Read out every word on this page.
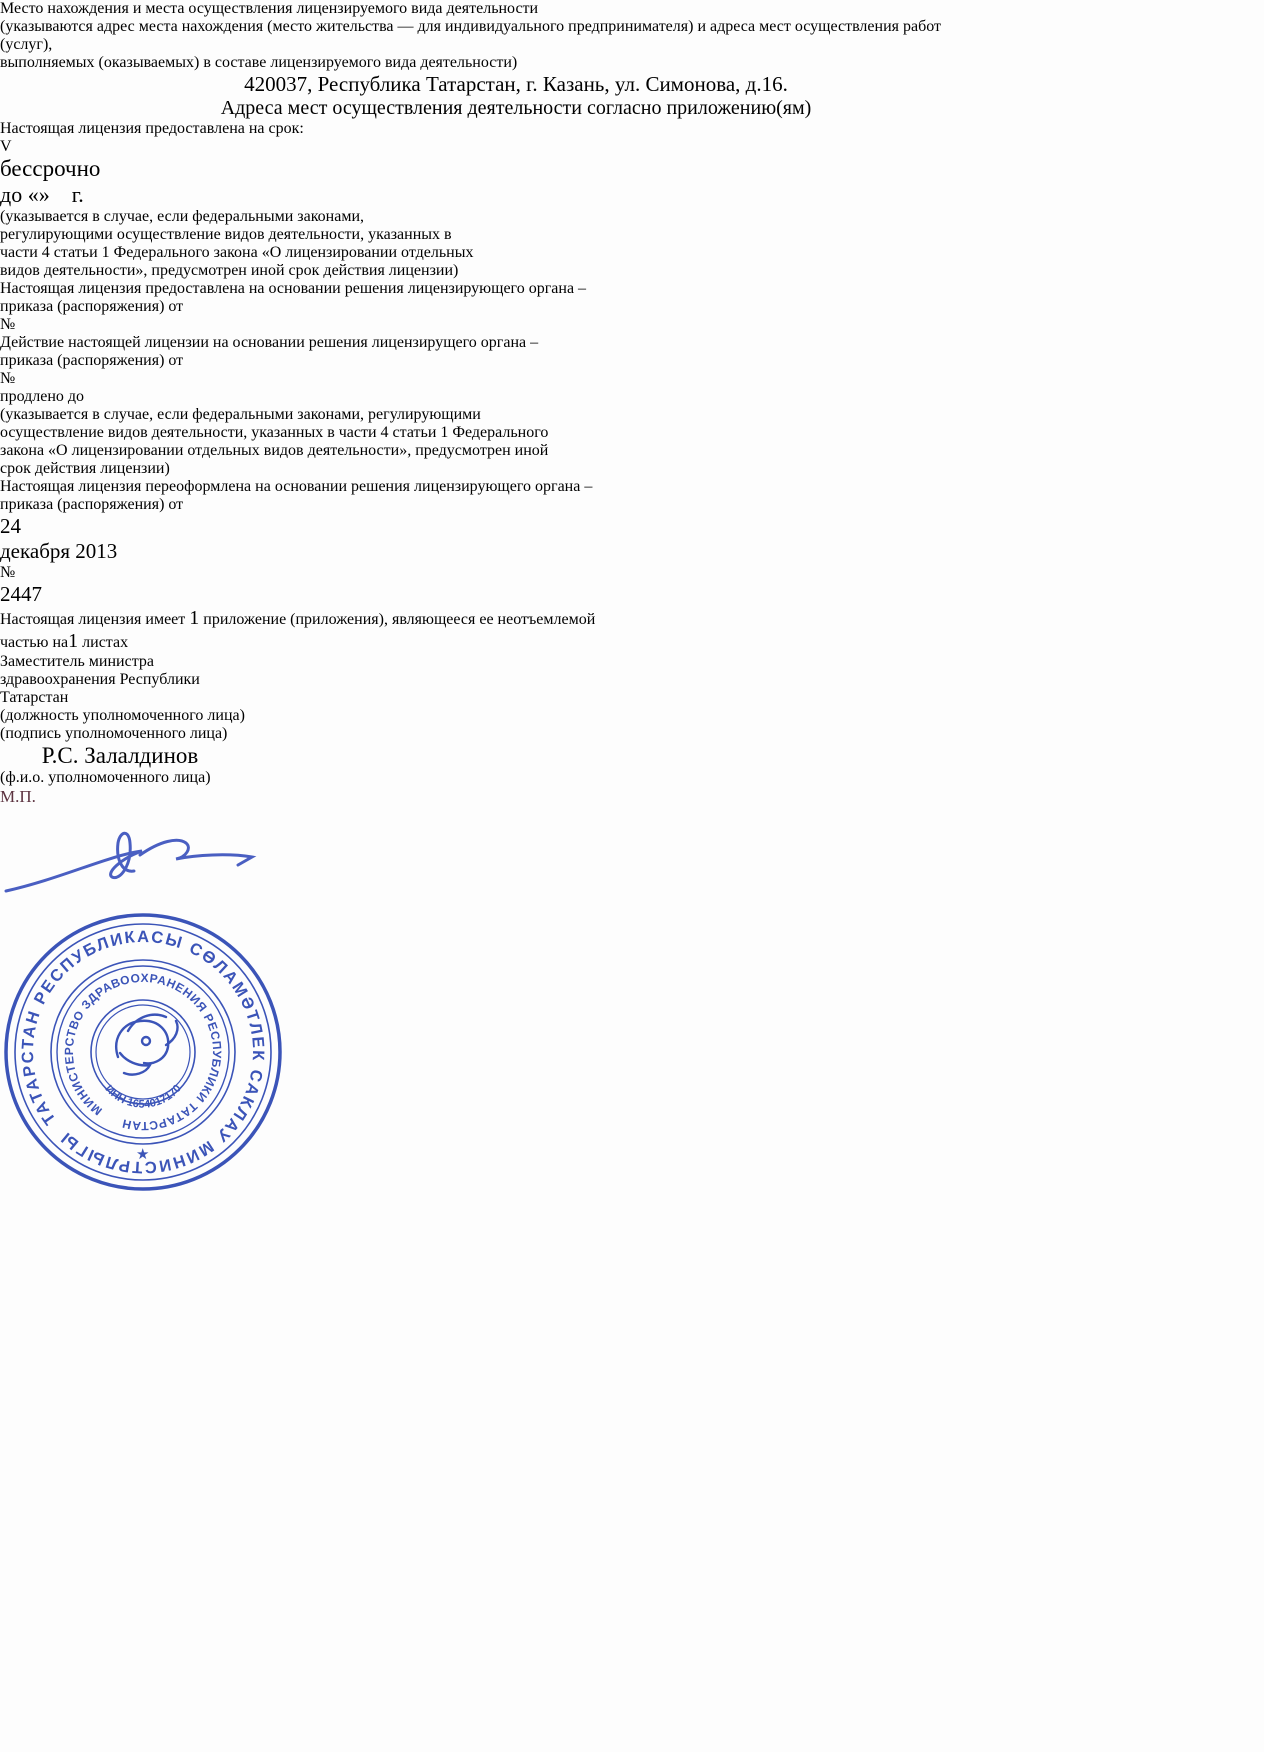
Место нахождения и места осуществления лицензируемого вида деятельности
(указываются адрес места нахождения (место жительства — для индивидуального предпринимателя) и адреса мест осуществления работ (услуг),
выполняемых (оказываемых) в составе лицензируемого вида деятельности)
420037, Республика Татарстан, г. Казань, ул. Симонова, д.16.
Адреса мест осуществления деятельности согласно приложению(ям)
Настоящая лицензия предоставлена на срок:
V
бессрочно
до «» г.
(указывается в случае, если федеральными законами, регулирующими осуществление видов деятельности, указанных в части 4 статьи 1 Федерального закона «О лицензировании отдельных видов деятельности», предусмотрен иной срок действия лицензии)
Настоящая лицензия предоставлена на основании решения лицензирующего органа –
приказа (распоряжения) от
№
Действие настоящей лицензии на основании решения лицензирущего органа –
приказа (распоряжения) от
№
продлено до
(указывается в случае, если федеральными законами, регулирующими осуществление видов деятельности, указанных в части 4 статьи 1 Федерального закона «О лицензировании отдельных видов деятельности», предусмотрен иной срок действия лицензии)
Настоящая лицензия переоформлена на основании решения лицензирующего органа –
приказа (распоряжения) от
24
декабря 2013
№
2447
Настоящая лицензия имеет 1 приложение (приложения), являющееся ее неотъемлемой
частью на1 листах
Заместитель министра
здравоохранения Республики
Татарстан
(должность уполномоченного лица)
(подпись уполномоченного лица)
Р.С. Залалдинов
(ф.и.о. уполномоченного лица)
М.П.
ТАТАРСТАН РЕСПУБЛИКАСЫ СӨЛАМӘТЛЕК САКЛАУ МИНИСТРЛЫГЫ
МИНИСТЕРСТВО ЗДРАВООХРАНЕНИЯ РЕСПУБЛИКИ ТАТАРСТАН
ИНН 1654017170
★
